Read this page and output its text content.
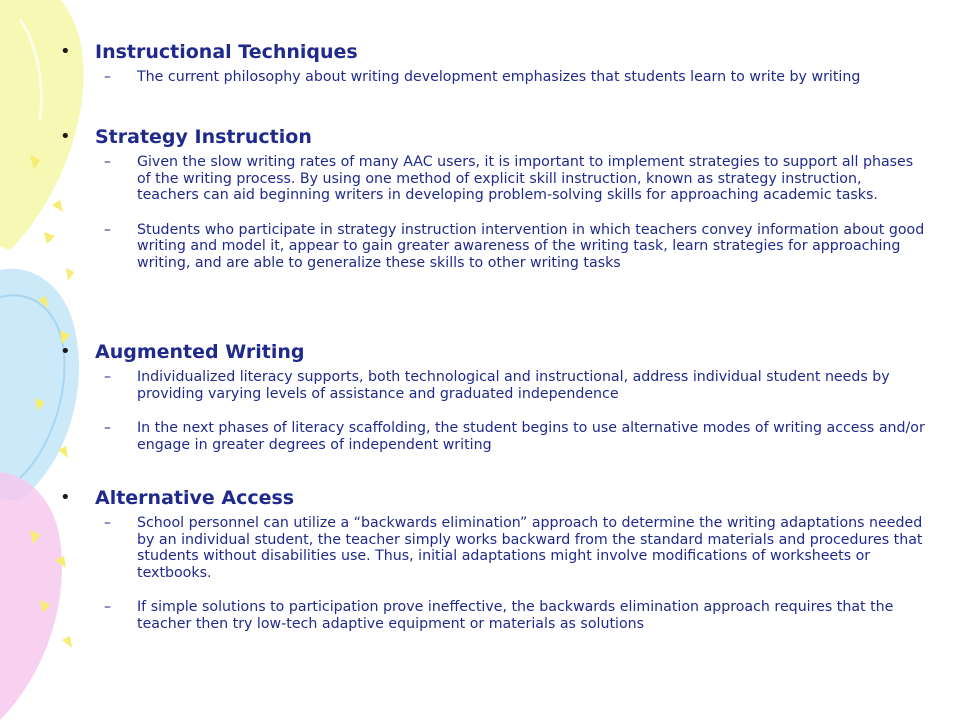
• Instructional Techniques
– The current philosophy about writing development emphasizes that students learn to write by writing
• Strategy Instruction
– Given the slow writing rates of many AAC users, it is important to implement strategies to support all phases of the writing process. By using one method of explicit skill instruction, known as strategy instruction, teachers can aid beginning writers in developing problem-solving skills for approaching academic tasks.
– Students who participate in strategy instruction intervention in which teachers convey information about good writing and model it, appear to gain greater awareness of the writing task, learn strategies for approaching writing, and are able to generalize these skills to other writing tasks
• Augmented Writing
– Individualized literacy supports, both technological and instructional, address individual student needs by providing varying levels of assistance and graduated independence
– In the next phases of literacy scaffolding, the student begins to use alternative modes of writing access and/or engage in greater degrees of independent writing
• Alternative Access
– School personnel can utilize a “backwards elimination” approach to determine the writing adaptations needed by an individual student, the teacher simply works backward from the standard materials and procedures that students without disabilities use. Thus, initial adaptations might involve modifications of worksheets or textbooks.
– If simple solutions to participation prove ineffective, the backwards elimination approach requires that the teacher then try low-tech adaptive equipment or materials as solutions
